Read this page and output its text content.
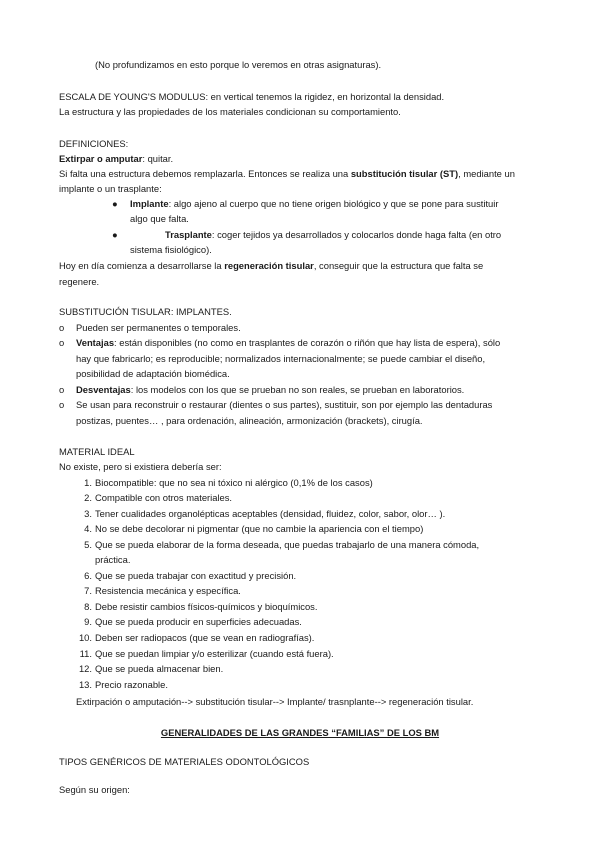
(No profundizamos en esto porque lo veremos en otras asignaturas).
ESCALA DE YOUNG'S MODULUS: en vertical tenemos la rigidez, en horizontal la densidad.
La estructura y las propiedades de los materiales condicionan su comportamiento.
DEFINICIONES:
Extirpar o amputar: quitar.
Si falta una estructura debemos remplazarla. Entonces se realiza una substitución tisular (ST), mediante un
implante o un trasplante:
● Implante: algo ajeno al cuerpo que no tiene origen biológico y que se pone para sustituir
algo que falta.
●	Trasplante: coger tejidos ya desarrollados y colocarlos donde haga falta (en otro
sistema fisiológico).
Hoy en día comienza a desarrollarse la regeneración tisular, conseguir que la estructura que falta se
regenere.
SUBSTITUCIÓN TISULAR: IMPLANTES.
o Pueden ser permanentes o temporales.
o Ventajas: están disponibles (no como en trasplantes de corazón o riñón que hay lista de espera), sólo
hay que fabricarlo; es reproducible; normalizados internacionalmente; se puede cambiar el diseño,
posibilidad de adaptación biomédica.
o Desventajas: los modelos con los que se prueban no son reales, se prueban en laboratorios.
o Se usan para reconstruir o restaurar (dientes o sus partes), sustituir, son por ejemplo las dentaduras
postizas, puentes… , para ordenación, alineación, armonización (brackets), cirugía.
MATERIAL IDEAL
No existe, pero si existiera debería ser:
1. Biocompatible: que no sea ni tóxico ni alérgico (0,1% de los casos)
2. Compatible con otros materiales.
3. Tener cualidades organolépticas aceptables (densidad, fluidez, color, sabor, olor… ).
4. No se debe decolorar ni pigmentar (que no cambie la apariencia con el tiempo)
5. Que se pueda elaborar de la forma deseada, que puedas trabajarlo de una manera cómoda,
práctica.
6. Que se pueda trabajar con exactitud y precisión.
7. Resistencia mecánica y específica.
8. Debe resistir cambios físicos-químicos y bioquímicos.
9. Que se pueda producir en superficies adecuadas.
10. Deben ser radiopacos (que se vean en radiografías).
11. Que se puedan limpiar y/o esterilizar (cuando está fuera).
12. Que se pueda almacenar bien.
13. Precio razonable.
Extirpación o amputación--> substitución tisular--> Implante/ trasnplante--> regeneración tisular.
GENERALIDADES DE LAS GRANDES “FAMILIAS” DE LOS BM
TIPOS GENÉRICOS DE MATERIALES ODONTOLÓGICOS
Según su origen:
